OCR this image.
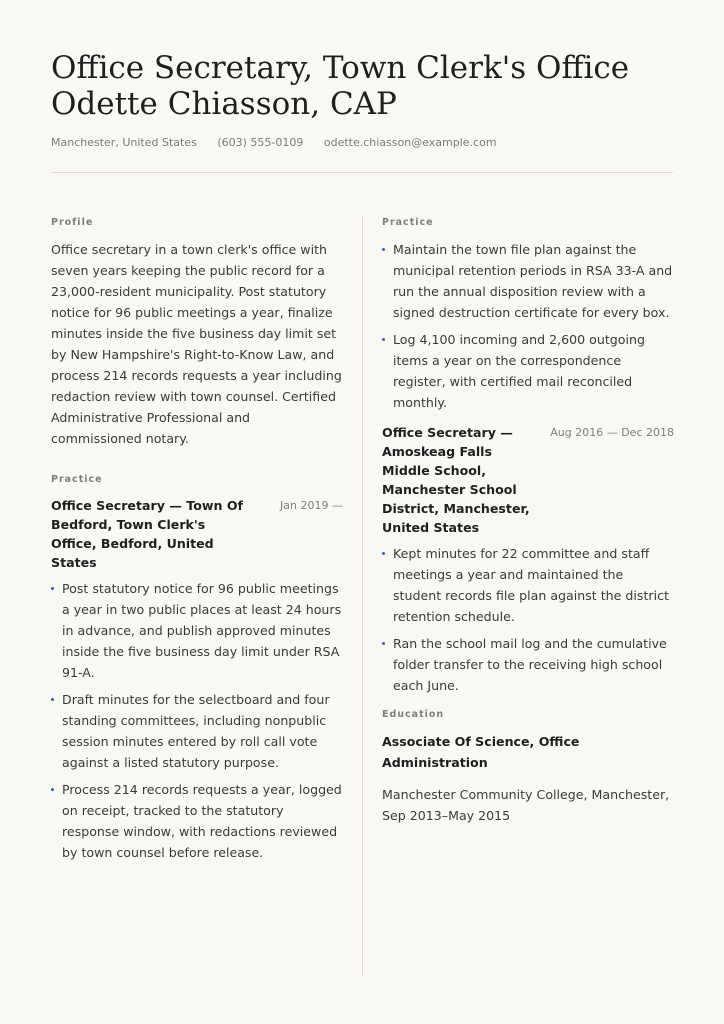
Office Secretary, Town Clerk's Office
Odette Chiasson, CAP
Manchester, United States (603) 555-0109 odette.chiasson@example.com
Profile

Office secretary in a town clerk's office with seven years keeping the public record for a 23,000-resident municipality. Post statutory notice for 96 public meetings a year, finalize minutes inside the five business day limit set by New Hampshire's Right-to-Know Law, and process 214 records requests a year including redaction review with town counsel. Certified Administrative Professional and commissioned notary.

Practice
Office Secretary — Town Of Bedford, Town Clerk's Office, Bedford, United States
Jan 2019 —
Post statutory notice for 96 public meetings a year in two public places at least 24 hours in advance, and publish approved minutes inside the five business day limit under RSA 91-A.
Draft minutes for the selectboard and four standing committees, including nonpublic session minutes entered by roll call vote against a listed statutory purpose.
Process 214 records requests a year, logged on receipt, tracked to the statutory response window, with redactions reviewed by town counsel before release.
Practice
Maintain the town file plan against the municipal retention periods in RSA 33-A and run the annual disposition review with a signed destruction certificate for every box.
Log 4,100 incoming and 2,600 outgoing items a year on the correspondence register, with certified mail reconciled monthly.
Office Secretary — Amoskeag Falls Middle School, Manchester School District, Manchester, United States
Aug 2016 — Dec 2018
Kept minutes for 22 committee and staff meetings a year and maintained the student records file plan against the district retention schedule.
Ran the school mail log and the cumulative folder transfer to the receiving high school each June.
Education
Associate Of Science, Office Administration

Manchester Community College, Manchester, Sep 2013–May 2015
